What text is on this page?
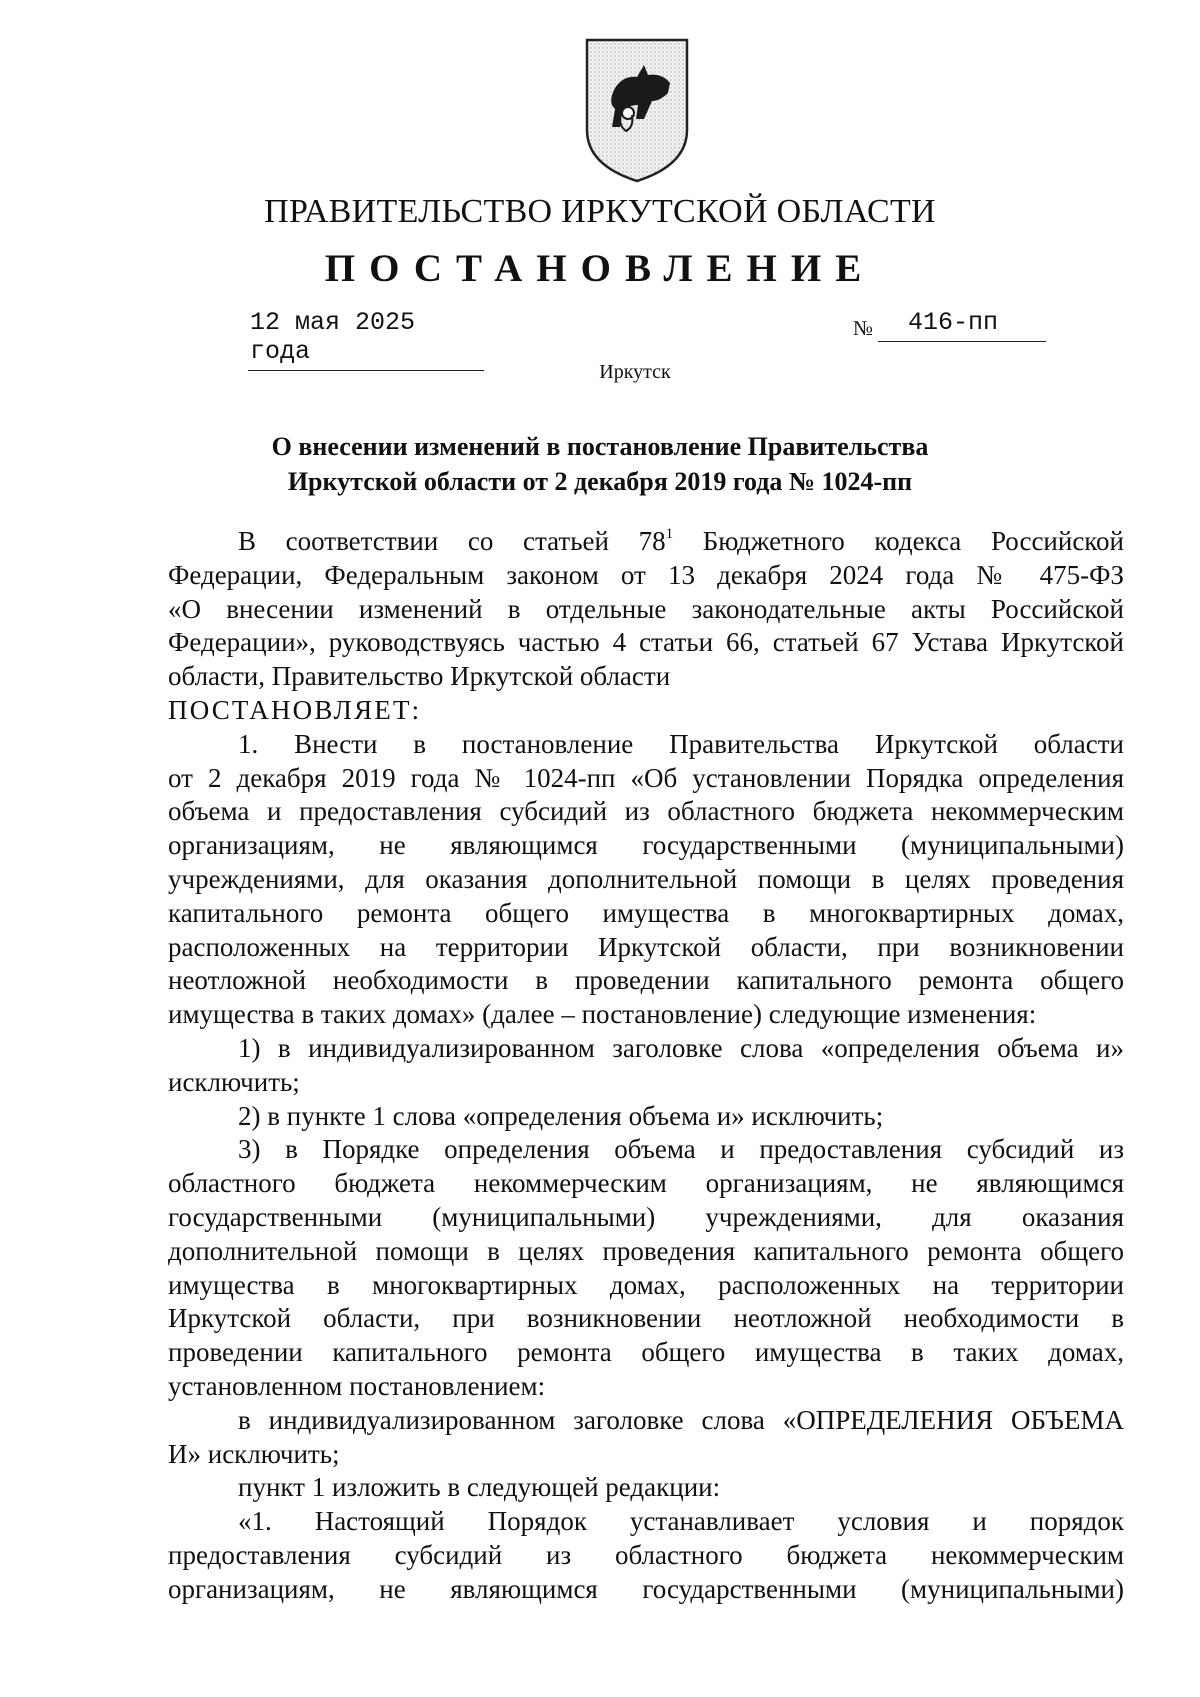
ПРАВИТЕЛЬСТВО ИРКУТСКОЙ ОБЛАСТИ
ПОСТАНОВЛЕНИЕ
12 мая 2025 года
№	416-пп
Иркутск
О внесении изменений в постановление Правительства
Иркутской области от 2 декабря 2019 года № 1024-пп
В соответствии со статьей $78^1$ Бюджетного кодекса Российской
Федерации, Федеральным законом от 13 декабря 2024 года № 475-ФЗ
«О внесении изменений в отдельные законодательные акты Российской
Федерации», руководствуясь частью 4 статьи 66, статьей 67 Устава Иркутской
области, Правительство Иркутской области
ПОСТАНОВЛЯЕТ:
1. Внести в постановление Правительства Иркутской области
от 2 декабря 2019 года № 1024-пп «Об установлении Порядка определения
объема и предоставления субсидий из областного бюджета некоммерческим
организациям, не являющимся государственными (муниципальными)
учреждениями, для оказания дополнительной помощи в целях проведения
капитального ремонта общего имущества в многоквартирных домах,
расположенных на территории Иркутской области, при возникновении
неотложной необходимости в проведении капитального ремонта общего
имущества в таких домах» (далее – постановление) следующие изменения:
1) в индивидуализированном заголовке слова «определения объема и»
исключить;
2) в пункте 1 слова «определения объема и» исключить;
3) в Порядке определения объема и предоставления субсидий из
областного бюджета некоммерческим организациям, не являющимся
государственными (муниципальными) учреждениями, для оказания
дополнительной помощи в целях проведения капитального ремонта общего
имущества в многоквартирных домах, расположенных на территории
Иркутской области, при возникновении неотложной необходимости в
проведении капитального ремонта общего имущества в таких домах,
установленном постановлением:
в индивидуализированном заголовке слова «ОПРЕДЕЛЕНИЯ ОБЪЕМА
И» исключить;
пункт 1 изложить в следующей редакции:
«1. Настоящий Порядок устанавливает условия и порядок
предоставления субсидий из областного бюджета некоммерческим
организациям, не являющимся государственными (муниципальными)
